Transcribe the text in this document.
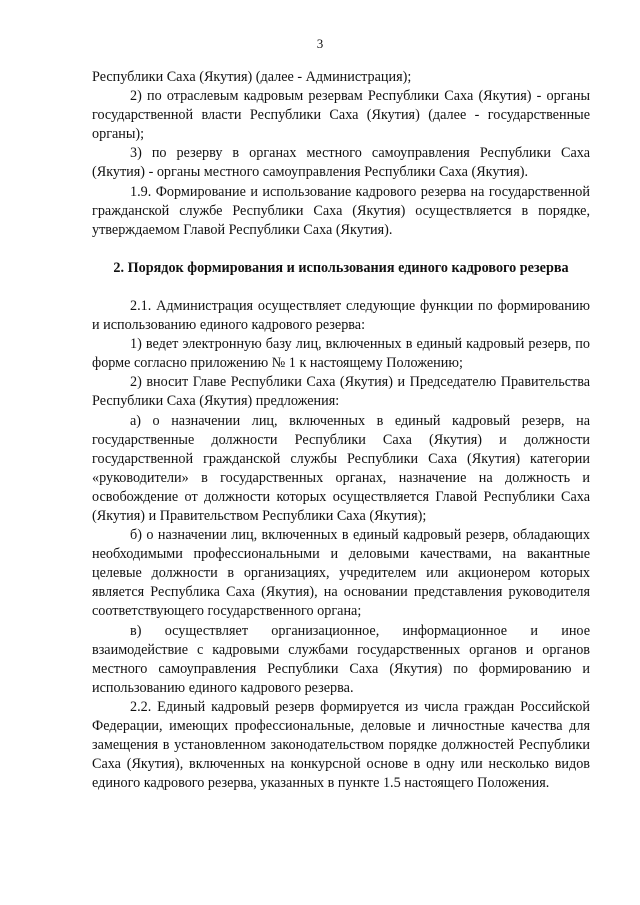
3

Республики Саха (Якутия) (далее - Администрация);

2) по отраслевым кадровым резервам Республики Саха (Якутия) - органы государственной власти Республики Саха (Якутия) (далее - государственные органы);

3) по резерву в органах местного самоуправления Республики Саха (Якутия) - органы местного самоуправления Республики Саха (Якутия).

1.9. Формирование и использование кадрового резерва на государственной гражданской службе Республики Саха (Якутия) осуществляется в порядке, утверждаемом Главой Республики Саха (Якутия).

2. Порядок формирования и использования единого кадрового резерва

2.1. Администрация осуществляет следующие функции по формированию и использованию единого кадрового резерва:

1) ведет электронную базу лиц, включенных в единый кадровый резерв, по форме согласно приложению № 1 к настоящему Положению;

2) вносит Главе Республики Саха (Якутия) и Председателю Правительства Республики Саха (Якутия) предложения:

а) о назначении лиц, включенных в единый кадровый резерв, на государственные должности Республики Саха (Якутия) и должности государственной гражданской службы Республики Саха (Якутия) категории «руководители» в государственных органах, назначение на должность и освобождение от должности которых осуществляется Главой Республики Саха (Якутия) и Правительством Республики Саха (Якутия);

б) о назначении лиц, включенных в единый кадровый резерв, обладающих необходимыми профессиональными и деловыми качествами, на вакантные целевые должности в организациях, учредителем или акционером которых является Республика Саха (Якутия), на основании представления руководителя соответствующего государственного органа;

в) осуществляет организационное, информационное и иное взаимодействие с кадровыми службами государственных органов и органов местного самоуправления Республики Саха (Якутия) по формированию и использованию единого кадрового резерва.

2.2. Единый кадровый резерв формируется из числа граждан Российской Федерации, имеющих профессиональные, деловые и личностные качества для замещения в установленном законодательством порядке должностей Республики Саха (Якутия), включенных на конкурсной основе в одну или несколько видов единого кадрового резерва, указанных в пункте 1.5 настоящего Положения.
